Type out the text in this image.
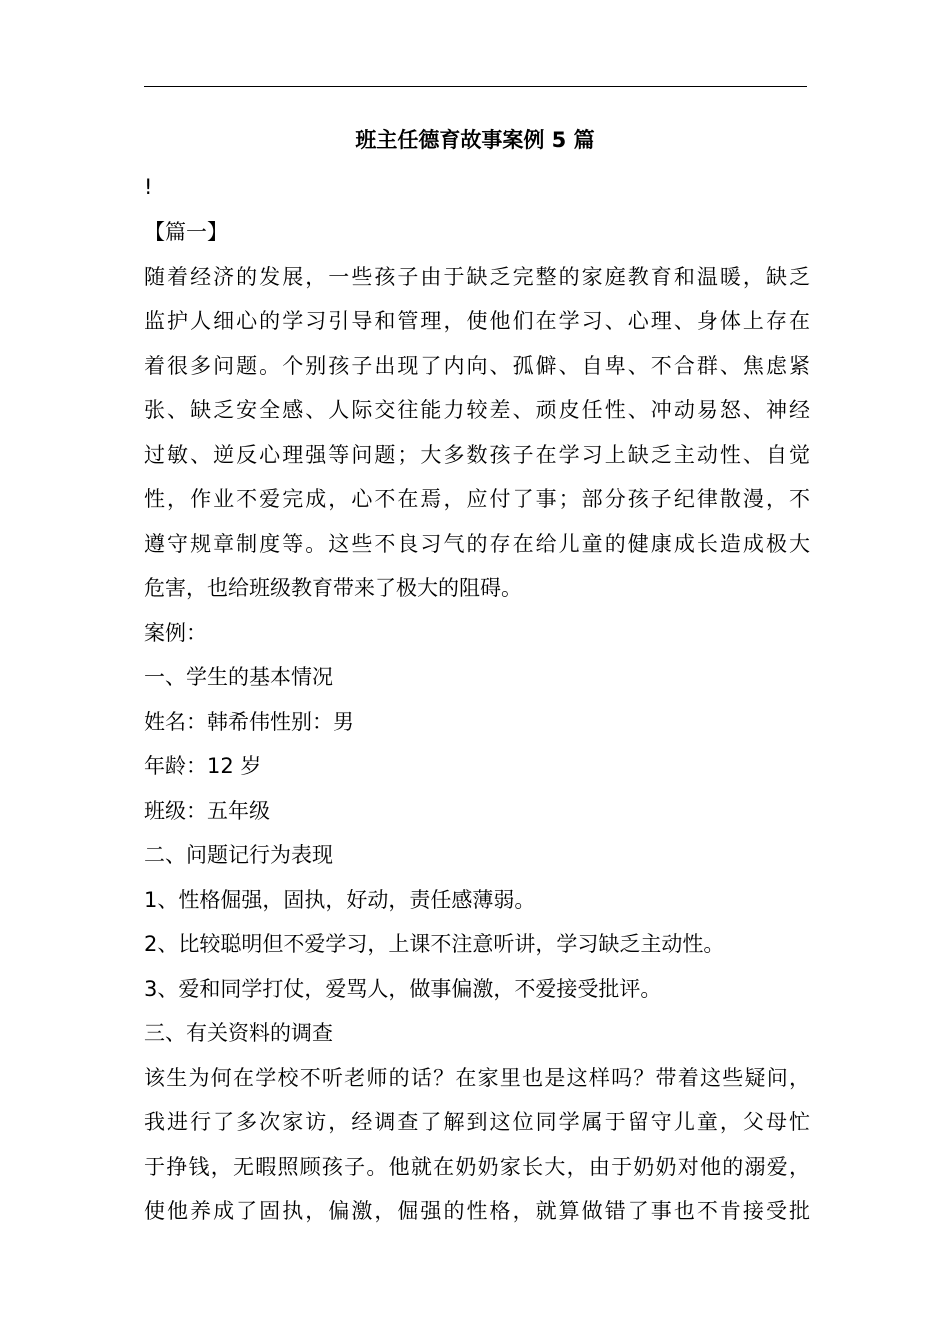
班主任德育故事案例 5 篇
!
【篇一】
随着经济的发展，一些孩子由于缺乏完整的家庭教育和温暖，缺乏
监护人细心的学习引导和管理，使他们在学习、心理、身体上存在
着很多问题。个别孩子出现了内向、孤僻、自卑、不合群、焦虑紧
张、缺乏安全感、人际交往能力较差、顽皮任性、冲动易怒、神经
过敏、逆反心理强等问题；大多数孩子在学习上缺乏主动性、自觉
性，作业不爱完成，心不在焉，应付了事；部分孩子纪律散漫，不
遵守规章制度等。这些不良习气的存在给儿童的健康成长造成极大
危害，也给班级教育带来了极大的阻碍。
案例：
一、学生的基本情况
姓名：韩希伟性别：男
年龄：12 岁
班级：五年级
二、问题记行为表现
1、性格倔强，固执，好动，责任感薄弱。
2、比较聪明但不爱学习，上课不注意听讲，学习缺乏主动性。
3、爱和同学打仗，爱骂人，做事偏激，不爱接受批评。
三、有关资料的调查
该生为何在学校不听老师的话？在家里也是这样吗？带着这些疑问，
我进行了多次家访，经调查了解到这位同学属于留守儿童，父母忙
于挣钱，无暇照顾孩子。他就在奶奶家长大，由于奶奶对他的溺爱，
使他养成了固执，偏激，倔强的性格，就算做错了事也不肯接受批
